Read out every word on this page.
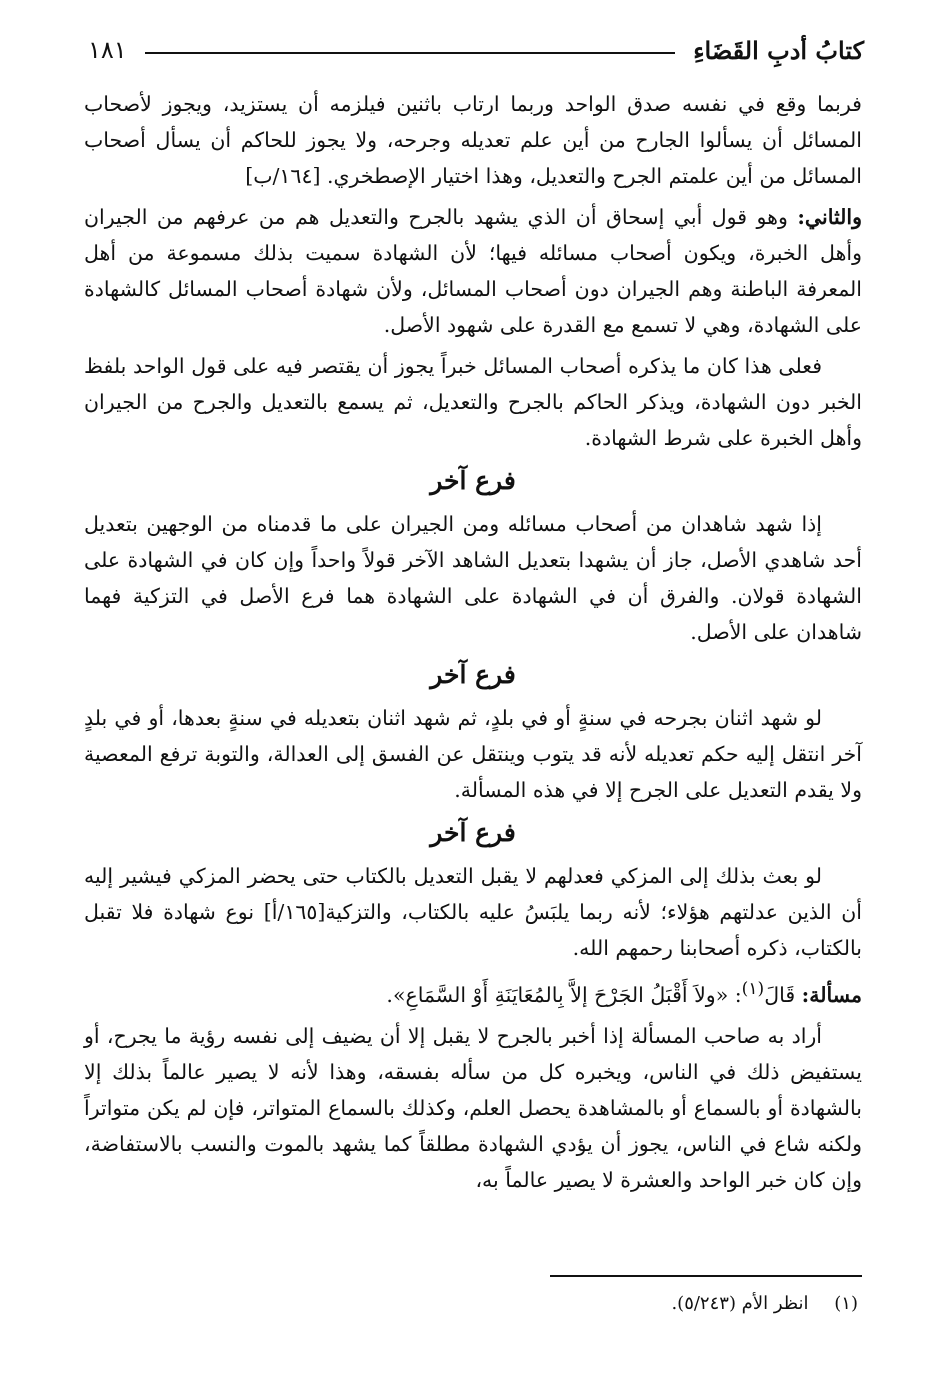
كتابُ أدبِ القَضَاءِ
١٨١

فربما وقع في نفسه صدق الواحد وربما ارتاب باثنين فيلزمه أن يستزيد، ويجوز لأصحاب المسائل أن يسألوا الجارح من أين علم تعديله وجرحه، ولا يجوز للحاكم أن يسأل أصحاب المسائل من أين علمتم الجرح والتعديل، وهذا اختيار الإصطخري. [١٦٤/ب]

والثاني: وهو قول أبي إسحاق أن الذي يشهد بالجرح والتعديل هم من عرفهم من الجيران وأهل الخبرة، ويكون أصحاب مسائله فيها؛ لأن الشهادة سميت بذلك مسموعة من أهل المعرفة الباطنة وهم الجيران دون أصحاب المسائل، ولأن شهادة أصحاب المسائل كالشهادة على الشهادة، وهي لا تسمع مع القدرة على شهود الأصل.

فعلى هذا كان ما يذكره أصحاب المسائل خبراً يجوز أن يقتصر فيه على قول الواحد بلفظ الخبر دون الشهادة، ويذكر الحاكم بالجرح والتعديل، ثم يسمع بالتعديل والجرح من الجيران وأهل الخبرة على شرط الشهادة.

فرع آخر

إذا شهد شاهدان من أصحاب مسائله ومن الجيران على ما قدمناه من الوجهين بتعديل أحد شاهدي الأصل، جاز أن يشهدا بتعديل الشاهد الآخر قولاً واحداً وإن كان في الشهادة على الشهادة قولان. والفرق أن في الشهادة على الشهادة هما فرع الأصل في التزكية فهما شاهدان على الأصل.

فرع آخر

لو شهد اثنان بجرحه في سنةٍ أو في بلدٍ، ثم شهد اثنان بتعديله في سنةٍ بعدها، أو في بلدٍ آخر انتقل إليه حكم تعديله لأنه قد يتوب وينتقل عن الفسق إلى العدالة، والتوبة ترفع المعصية ولا يقدم التعديل على الجرح إلا في هذه المسألة.

فرع آخر

لو بعث بذلك إلى المزكي فعدلهم لا يقبل التعديل بالكتاب حتى يحضر المزكي فيشير إليه أن الذين عدلتهم هؤلاء؛ لأنه ربما يلبَسُ عليه بالكتاب، والتزكية[١٦٥/أ] نوع شهادة فلا تقبل بالكتاب، ذكره أصحابنا رحمهم الله.

مسألة: قَالَ$^{(١)}$: «ولاَ أَقْبَلُ الجَرْحَ إلاَّ بِالمُعَايَنَةِ أَوْ السَّمَاعِ».

أراد به صاحب المسألة إذا أخبر بالجرح لا يقبل إلا أن يضيف إلى نفسه رؤية ما يجرح، أو يستفيض ذلك في الناس، ويخبره كل من سأله بفسقه، وهذا لأنه لا يصير عالماً بذلك إلا بالشهادة أو بالسماع أو بالمشاهدة يحصل العلم، وكذلك بالسماع المتواتر، فإن لم يكن متواتراً ولكنه شاع في الناس، يجوز أن يؤدي الشهادة مطلقاً كما يشهد بالموت والنسب بالاستفاضة، وإن كان خبر الواحد والعشرة لا يصير عالماً به،

(١) انظر الأم (٥/٢٤٣).
